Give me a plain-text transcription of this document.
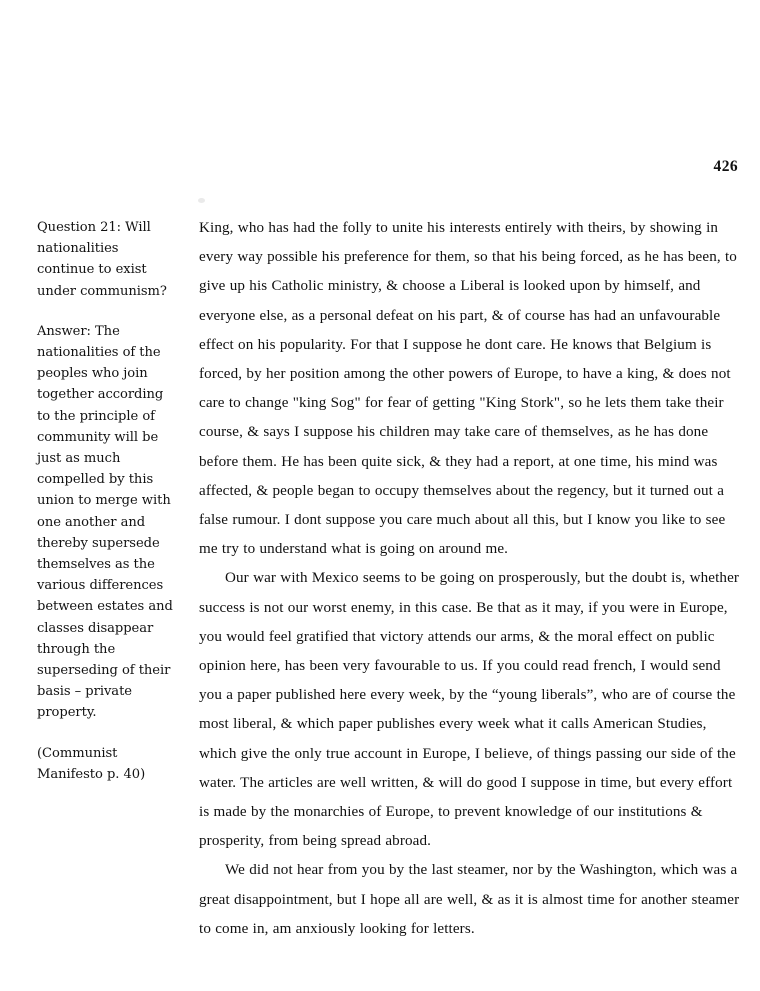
426

Question 21: Will nationalities continue to exist under communism?

Answer: The nationalities of the peoples who join together according to the principle of community will be just as much compelled by this union to merge with one another and thereby supersede themselves as the various differences between estates and classes disappear through the superseding of their basis – private property.

(Communist Manifesto p. 40)

King, who has had the folly to unite his interests entirely with theirs, by showing in every way possible his preference for them, so that his being forced, as he has been, to give up his Catholic ministry, & choose a Liberal is looked upon by himself, and everyone else, as a personal defeat on his part, & of course has had an unfavourable effect on his popularity. For that I suppose he dont care. He knows that Belgium is forced, by her position among the other powers of Europe, to have a king, & does not care to change "king Sog" for fear of getting "King Stork", so he lets them take their course, & says I suppose his children may take care of themselves, as he has done before them. He has been quite sick, & they had a report, at one time, his mind was affected, & people began to occupy themselves about the regency, but it turned out a false rumour. I dont suppose you care much about all this, but I know you like to see me try to understand what is going on around me.

Our war with Mexico seems to be going on prosperously, but the doubt is, whether success is not our worst enemy, in this case. Be that as it may, if you were in Europe, you would feel gratified that victory attends our arms, & the moral effect on public opinion here, has been very favourable to us. If you could read french, I would send you a paper published here every week, by the “young liberals”, who are of course the most liberal, & which paper publishes every week what it calls American Studies, which give the only true account in Europe, I believe, of things passing our side of the water. The articles are well written, & will do good I suppose in time, but every effort is made by the monarchies of Europe, to prevent knowledge of our institutions & prosperity, from being spread abroad.

We did not hear from you by the last steamer, nor by the Washington, which was a great disappointment, but I hope all are well, & as it is almost time for another steamer to come in, am anxiously looking for letters.
